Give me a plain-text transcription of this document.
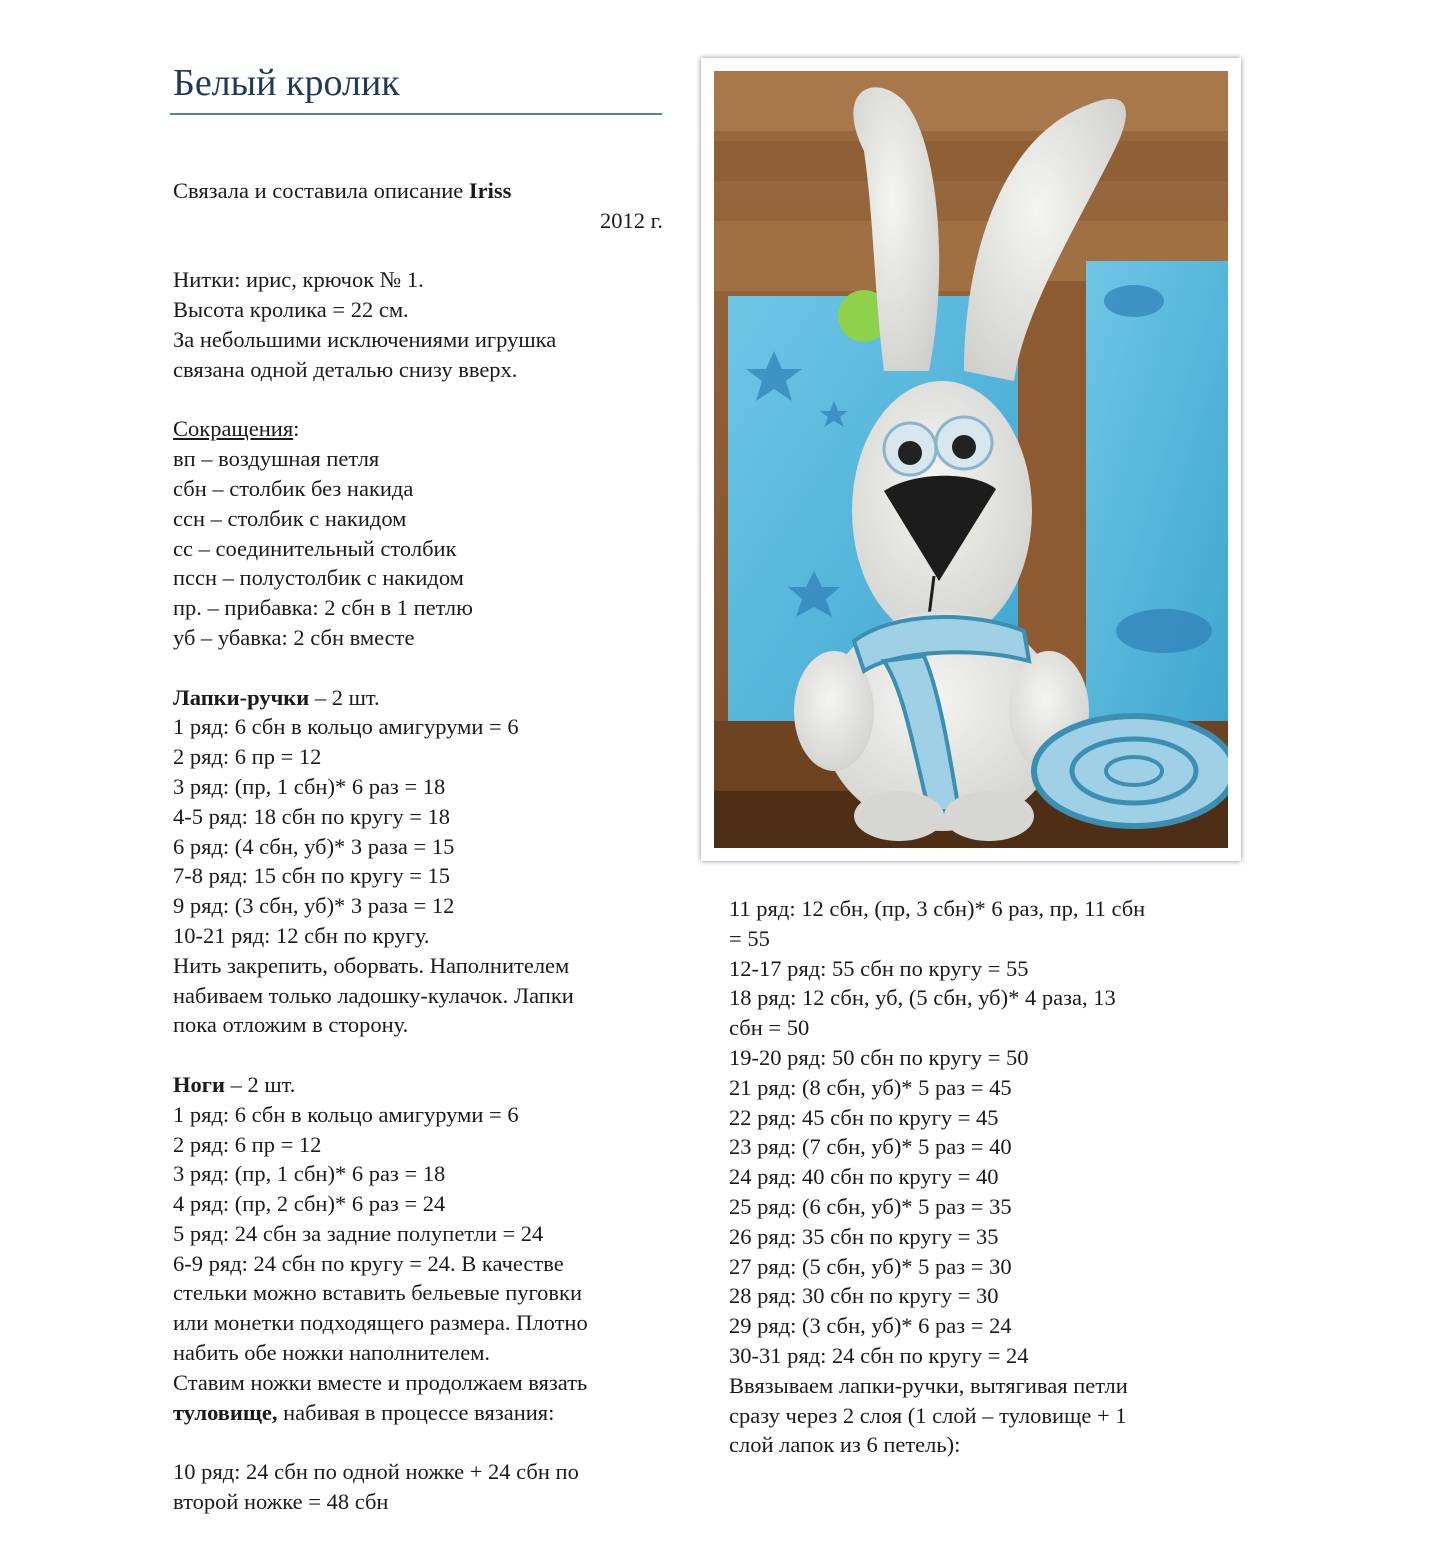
Белый кролик
Связала и составила описание Iriss
2012 г.
Нитки: ирис, крючок № 1.
Высота кролика = 22 см.
За небольшими исключениями игрушка
связана одной деталью снизу вверх.
Сокращения:
вп – воздушная петля
сбн – столбик без накида
ссн – столбик с накидом
сс – соединительный столбик
пссн – полустолбик с накидом
пр. – прибавка: 2 сбн в 1 петлю
уб – убавка: 2 сбн вместе
Лапки-ручки – 2 шт.
1 ряд: 6 сбн в кольцо амигуруми = 6
2 ряд: 6 пр = 12
3 ряд: (пр, 1 сбн)* 6 раз = 18
4-5 ряд: 18 сбн по кругу = 18
6 ряд: (4 сбн, уб)* 3 раза = 15
7-8 ряд: 15 сбн по кругу = 15
9 ряд: (3 сбн, уб)* 3 раза = 12
10-21 ряд: 12 сбн по кругу.
Нить закрепить, оборвать. Наполнителем
набиваем только ладошку-кулачок. Лапки
пока отложим в сторону.
Ноги – 2 шт.
1 ряд: 6 сбн в кольцо амигуруми = 6
2 ряд: 6 пр = 12
3 ряд: (пр, 1 сбн)* 6 раз = 18
4 ряд: (пр, 2 сбн)* 6 раз = 24
5 ряд: 24 сбн за задние полупетли = 24
6-9 ряд: 24 сбн по кругу = 24. В качестве
стельки можно вставить бельевые пуговки
или монетки подходящего размера. Плотно
набить обе ножки наполнителем.
Ставим ножки вместе и продолжаем вязать
туловище, набивая в процессе вязания:
10 ряд: 24 сбн по одной ножке + 24 сбн по
второй ножке = 48 сбн
11 ряд: 12 сбн, (пр, 3 сбн)* 6 раз, пр, 11 сбн
= 55
12-17 ряд: 55 сбн по кругу = 55
18 ряд: 12 сбн, уб, (5 сбн, уб)* 4 раза, 13
сбн = 50
19-20 ряд: 50 сбн по кругу = 50
21 ряд: (8 сбн, уб)* 5 раз = 45
22 ряд: 45 сбн по кругу = 45
23 ряд: (7 сбн, уб)* 5 раз = 40
24 ряд: 40 сбн по кругу = 40
25 ряд: (6 сбн, уб)* 5 раз = 35
26 ряд: 35 сбн по кругу = 35
27 ряд: (5 сбн, уб)* 5 раз = 30
28 ряд: 30 сбн по кругу = 30
29 ряд: (3 сбн, уб)* 6 раз = 24
30-31 ряд: 24 сбн по кругу = 24
Ввязываем лапки-ручки, вытягивая петли
сразу через 2 слоя (1 слой – туловище + 1
слой лапок из 6 петель):
